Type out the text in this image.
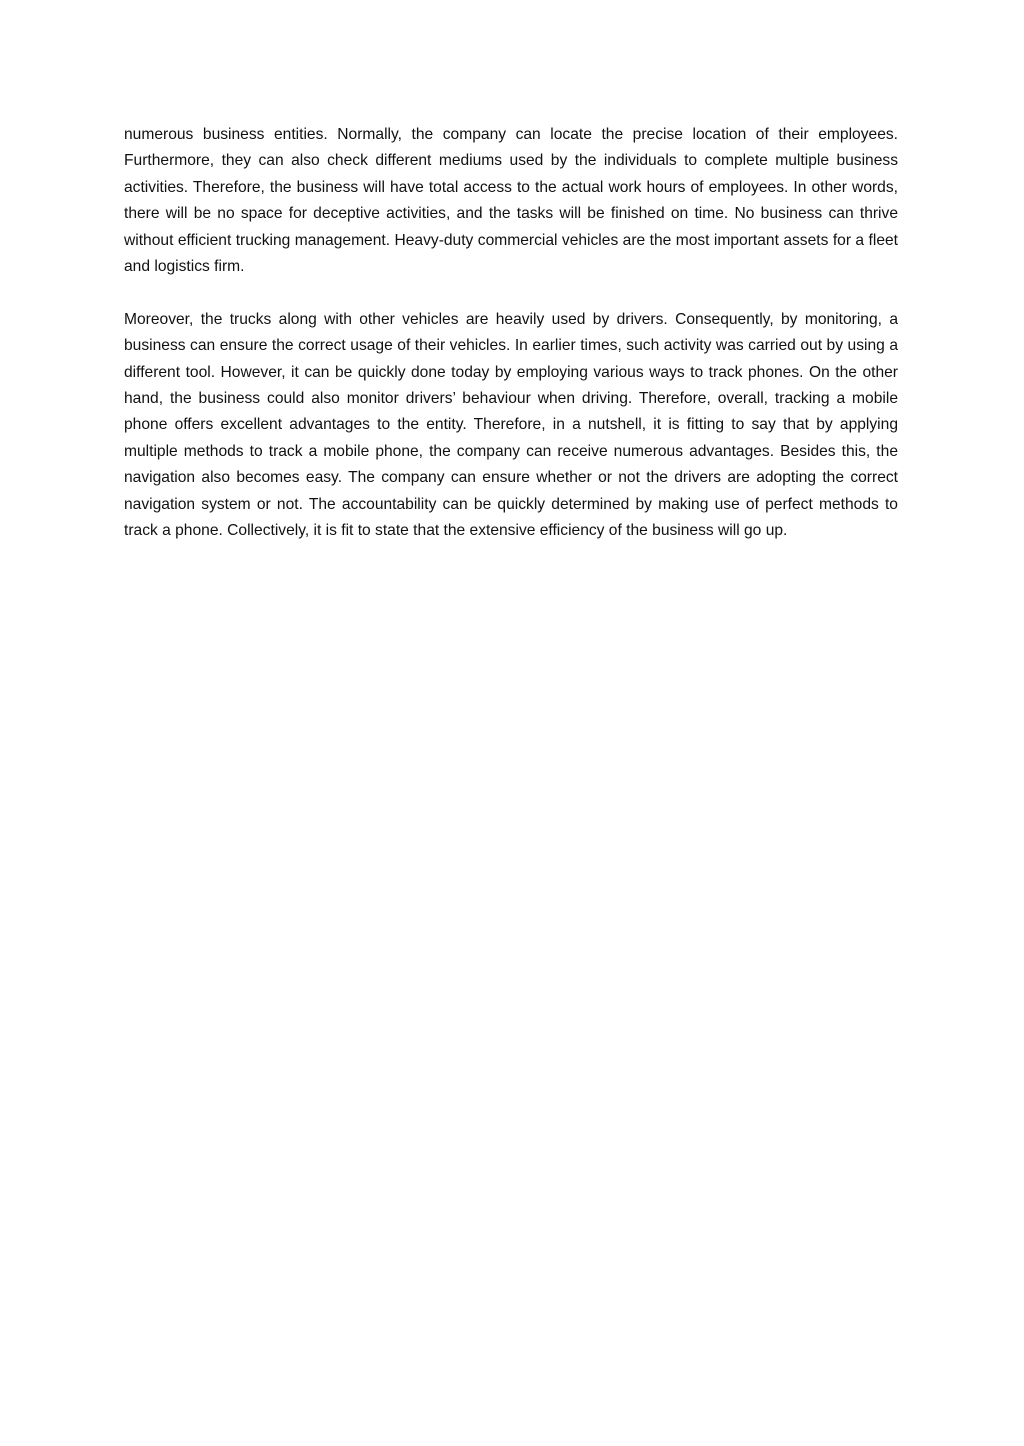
numerous business entities. Normally, the company can locate the precise location of their employees. Furthermore, they can also check different mediums used by the individuals to complete multiple business activities. Therefore, the business will have total access to the actual work hours of employees. In other words, there will be no space for deceptive activities, and the tasks will be finished on time. No business can thrive without efficient trucking management. Heavy-duty commercial vehicles are the most important assets for a fleet and logistics firm.

Moreover, the trucks along with other vehicles are heavily used by drivers. Consequently, by monitoring, a business can ensure the correct usage of their vehicles. In earlier times, such activity was carried out by using a different tool. However, it can be quickly done today by employing various ways to track phones. On the other hand, the business could also monitor drivers’ behaviour when driving. Therefore, overall, tracking a mobile phone offers excellent advantages to the entity. Therefore, in a nutshell, it is fitting to say that by applying multiple methods to track a mobile phone, the company can receive numerous advantages. Besides this, the navigation also becomes easy. The company can ensure whether or not the drivers are adopting the correct navigation system or not. The accountability can be quickly determined by making use of perfect methods to track a phone. Collectively, it is fit to state that the extensive efficiency of the business will go up.
